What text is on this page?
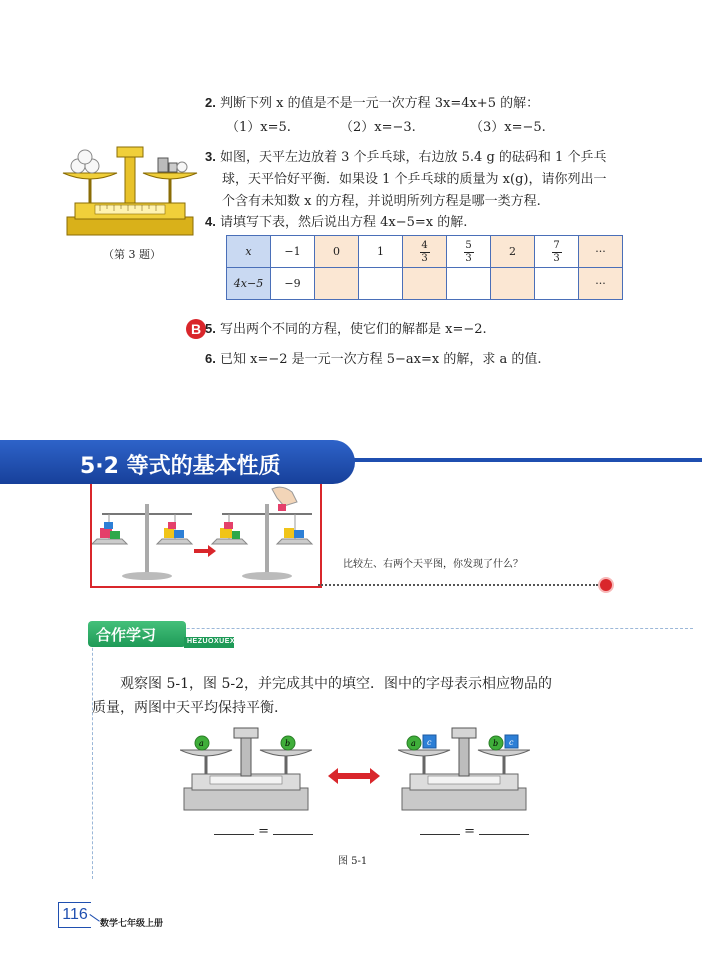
2. 判断下列 x 的值是不是一元一次方程 3x=4x+5 的解：
（1）x=5.	（2）x=−3.	（3）x=−5.
（第 3 题）
3. 如图，天平左边放着 3 个乒乓球，右边放 5.4 g 的砝码和 1 个乒乓
球，天平恰好平衡．如果设 1 个乒乓球的质量为 x(g)，请你列出一
个含有未知数 x 的方程，并说明所列方程是哪一类方程.
4. 请填写下表，然后说出方程 4x−5=x 的解.
x	−1	0	1	$\frac{4}{3}$	$\frac{5}{3}$	2	$\frac{7}{3}$	···
4x−5	−9							···
B 5. 写出两个不同的方程，使它们的解都是 x=−2.
6. 已知 x=−2 是一元一次方程 5−ax=x 的解，求 a 的值.
5·2 等式的基本性质
比较左、右两个天平图，你发现了什么？
合作学习	HEZUOXUEXI
观察图 5-1，图 5-2，并完成其中的填空．图中的字母表示相应物品的
质量，两图中天平均保持平衡.
a	b	a c	b c
=	=
图 5-1
116
数学七年级上册
